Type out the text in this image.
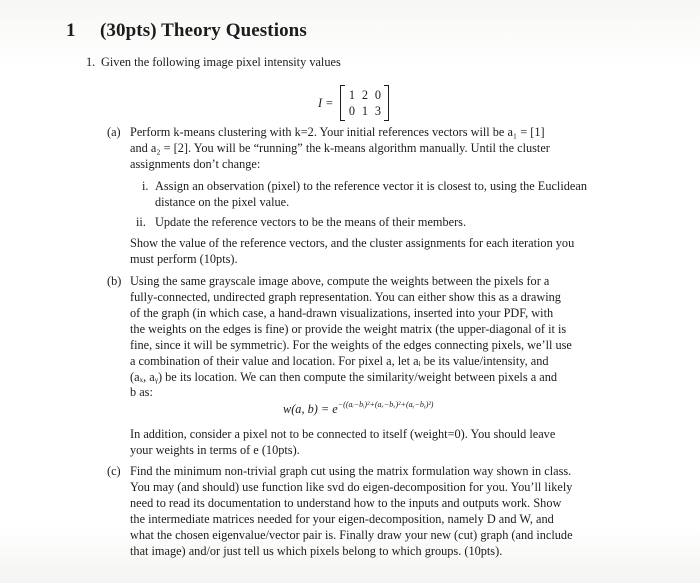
1 (30pts) Theory Questions
1. Given the following image pixel intensity values
I =
1 2 0
0 1 3
(a) Perform k-means clustering with k=2. Your initial references vectors will be a₁ = [1]
and a₂ = [2]. You will be “running” the k-means algorithm manually. Until the cluster
assignments don’t change:
i. Assign an observation (pixel) to the reference vector it is closest to, using the Euclidean
distance on the pixel value.
ii. Update the reference vectors to be the means of their members.
Show the value of the reference vectors, and the cluster assignments for each iteration you
must perform (10pts).
(b) Using the same grayscale image above, compute the weights between the pixels for a
fully-connected, undirected graph representation. You can either show this as a drawing
of the graph (in which case, a hand-drawn visualizations, inserted into your PDF, with
the weights on the edges is fine) or provide the weight matrix (the upper-diagonal of it is
fine, since it will be symmetric). For the weights of the edges connecting pixels, we’ll use
a combination of their value and location. For pixel a, let aᵢ be its value/intensity, and
(aₓ, aᵧ) be its location. We can then compute the similarity/weight between pixels a and
b as:
w(a, $b) = e^{-((aᵢ-bᵢ)^2+(a_x-b_x)^2+(aᵧ-bᵧ)^2)}$
In addition, consider a pixel not to be connected to itself (weight=0). You should leave
your weights in terms of e (10pts).
(c) Find the minimum non-trivial graph cut using the matrix formulation way shown in class.
You may (and should) use function like svd do eigen-decomposition for you. You’ll likely
need to read its documentation to understand how to the inputs and outputs work. Show
the intermediate matrices needed for your eigen-decomposition, namely D and W, and
what the chosen eigenvalue/vector pair is. Finally draw your new (cut) graph (and include
that image) and/or just tell us which pixels belong to which groups. (10pts).
